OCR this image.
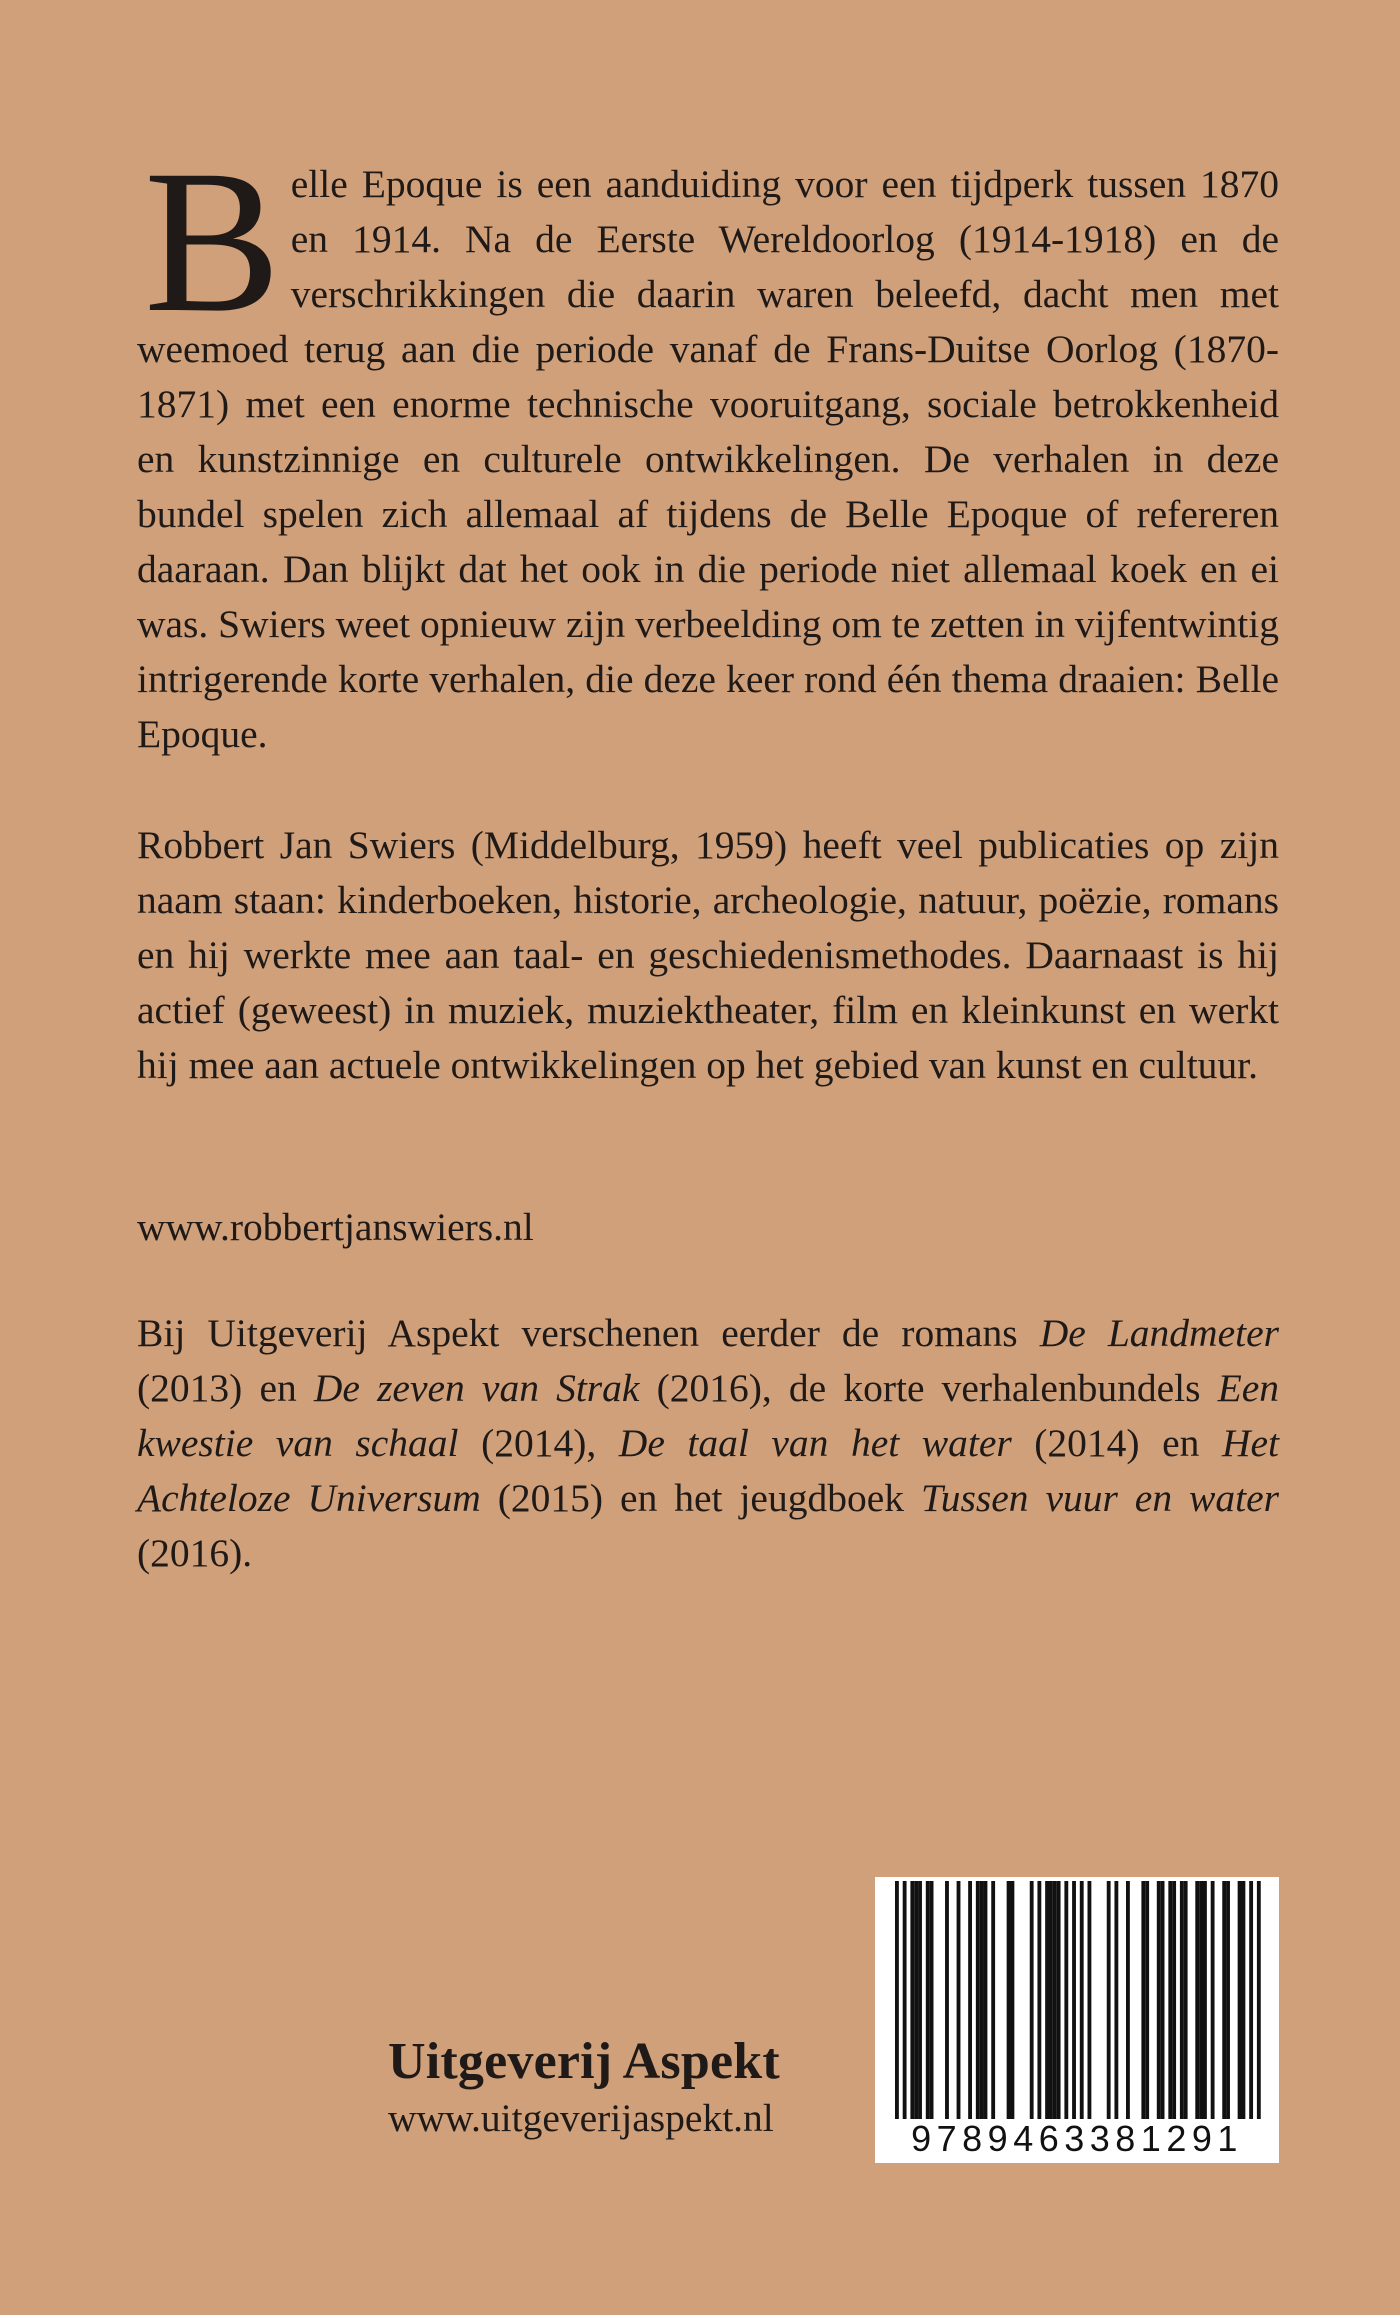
Belle Epoque is een aanduiding voor een tijdperk tussen 1870 en 1914. Na de Eerste Wereldoorlog (1914-1918) en de verschrikkingen die daarin waren beleefd, dacht men met weemoed terug aan die periode vanaf de Frans-Duitse Oorlog (1870-1871) met een enorme technische vooruitgang, sociale betrokkenheid en kunstzinnige en culturele ontwikkelingen. De verhalen in deze bundel spelen zich allemaal af tijdens de Belle Epoque of refereren daaraan. Dan blijkt dat het ook in die periode niet allemaal koek en ei was. Swiers weet opnieuw zijn verbeelding om te zetten in vijfentwintig intrigerende korte verhalen, die deze keer rond één thema draaien: Belle Epoque.
Robbert Jan Swiers (Middelburg, 1959) heeft veel publicaties op zijn naam staan: kinderboeken, historie, archeologie, natuur, poëzie, romans en hij werkte mee aan taal- en geschiedenismethodes. Daarnaast is hij actief (geweest) in muziek, muziektheater, film en kleinkunst en werkt hij mee aan actuele ontwikkelingen op het gebied van kunst en cultuur.
www.robbertjanswiers.nl
Bij Uitgeverij Aspekt verschenen eerder de romans De Landmeter (2013) en De zeven van Strak (2016), de korte verhalenbundels Een kwestie van schaal (2014), De taal van het water (2014) en Het Achteloze Universum (2015) en het jeugdboek Tussen vuur en water (2016).
Uitgeverij Aspekt
www.uitgeverijaspekt.nl	9789463381291
